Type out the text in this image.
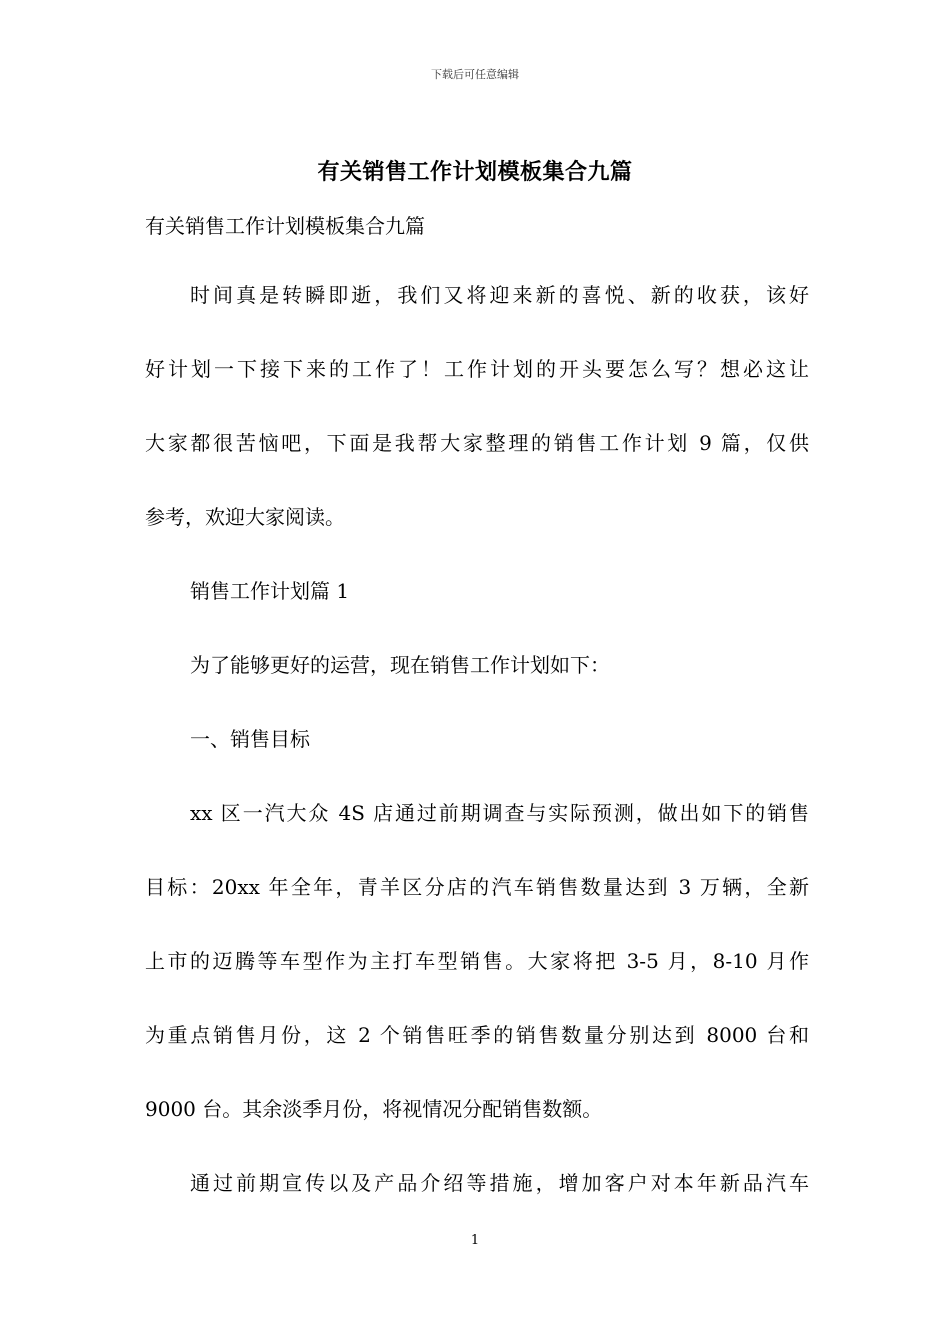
下载后可任意编辑
有关销售工作计划模板集合九篇
有关销售工作计划模板集合九篇
时间真是转瞬即逝，我们又将迎来新的喜悦、新的收获，该好
好计划一下接下来的工作了！工作计划的开头要怎么写？想必这让
大家都很苦恼吧，下面是我帮大家整理的销售工作计划 9 篇，仅供
参考，欢迎大家阅读。
销售工作计划篇 1
为了能够更好的运营，现在销售工作计划如下：
一、销售目标
xx 区一汽大众 4S 店通过前期调查与实际预测，做出如下的销售
目标：20xx 年全年，青羊区分店的汽车销售数量达到 3 万辆，全新
上市的迈腾等车型作为主打车型销售。大家将把 3-5 月，8-10 月作
为重点销售月份，这 2 个销售旺季的销售数量分别达到 8000 台和
9000 台。其余淡季月份，将视情况分配销售数额。
通过前期宣传以及产品介绍等措施，增加客户对本年新品汽车
1
